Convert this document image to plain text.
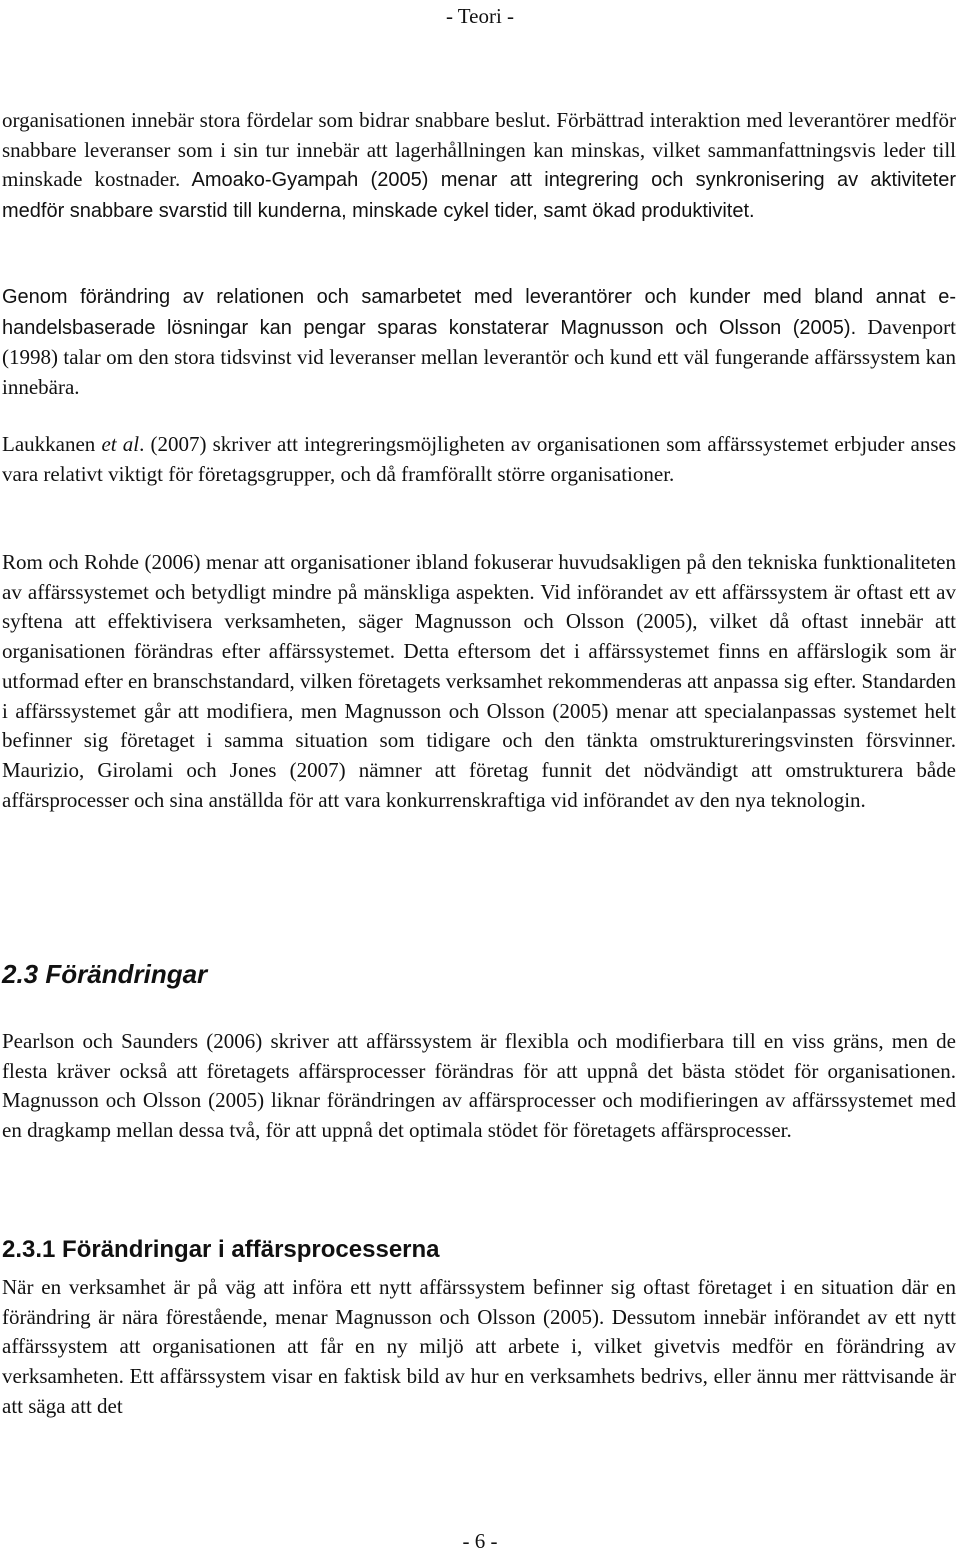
- Teori -

organisationen innebär stora fördelar som bidrar snabbare beslut. Förbättrad interaktion med leverantörer medför snabbare leveranser som i sin tur innebär att lagerhållningen kan minskas, vilket sammanfattningsvis leder till minskade kostnader. Amoako-Gyampah (2005) menar att integrering och synkronisering av aktiviteter medför snabbare svarstid till kunderna, minskade cykel tider, samt ökad produktivitet.

Genom förändring av relationen och samarbetet med leverantörer och kunder med bland annat e-handelsbaserade lösningar kan pengar sparas konstaterar Magnusson och Olsson (2005). Davenport (1998) talar om den stora tidsvinst vid leveranser mellan leverantör och kund ett väl fungerande affärssystem kan innebära.

Laukkanen et al. (2007) skriver att integreringsmöjligheten av organisationen som affärssystemet erbjuder anses vara relativt viktigt för företagsgrupper, och då framförallt större organisationer.

Rom och Rohde (2006) menar att organisationer ibland fokuserar huvudsakligen på den tekniska funktionaliteten av affärssystemet och betydligt mindre på mänskliga aspekten. Vid införandet av ett affärssystem är oftast ett av syftena att effektivisera verksamheten, säger Magnusson och Olsson (2005), vilket då oftast innebär att organisationen förändras efter affärssystemet. Detta eftersom det i affärssystemet finns en affärslogik som är utformad efter en branschstandard, vilken företagets verksamhet rekommenderas att anpassa sig efter. Standarden i affärssystemet går att modifiera, men Magnusson och Olsson (2005) menar att specialanpassas systemet helt befinner sig företaget i samma situation som tidigare och den tänkta omstruktureringsvinsten försvinner. Maurizio, Girolami och Jones (2007) nämner att företag funnit det nödvändigt att omstrukturera både affärsprocesser och sina anställda för att vara konkurrenskraftiga vid införandet av den nya teknologin.

2.3 Förändringar

Pearlson och Saunders (2006) skriver att affärssystem är flexibla och modifierbara till en viss gräns, men de flesta kräver också att företagets affärsprocesser förändras för att uppnå det bästa stödet för organisationen. Magnusson och Olsson (2005) liknar förändringen av affärsprocesser och modifieringen av affärssystemet med en dragkamp mellan dessa två, för att uppnå det optimala stödet för företagets affärsprocesser.

2.3.1 Förändringar i affärsprocesserna

När en verksamhet är på väg att införa ett nytt affärssystem befinner sig oftast företaget i en situation där en förändring är nära förestående, menar Magnusson och Olsson (2005). Dessutom innebär införandet av ett nytt affärssystem att organisationen att får en ny miljö att arbete i, vilket givetvis medför en förändring av verksamheten. Ett affärssystem visar en faktisk bild av hur en verksamhets bedrivs, eller ännu mer rättvisande är att säga att det

- 6 -
